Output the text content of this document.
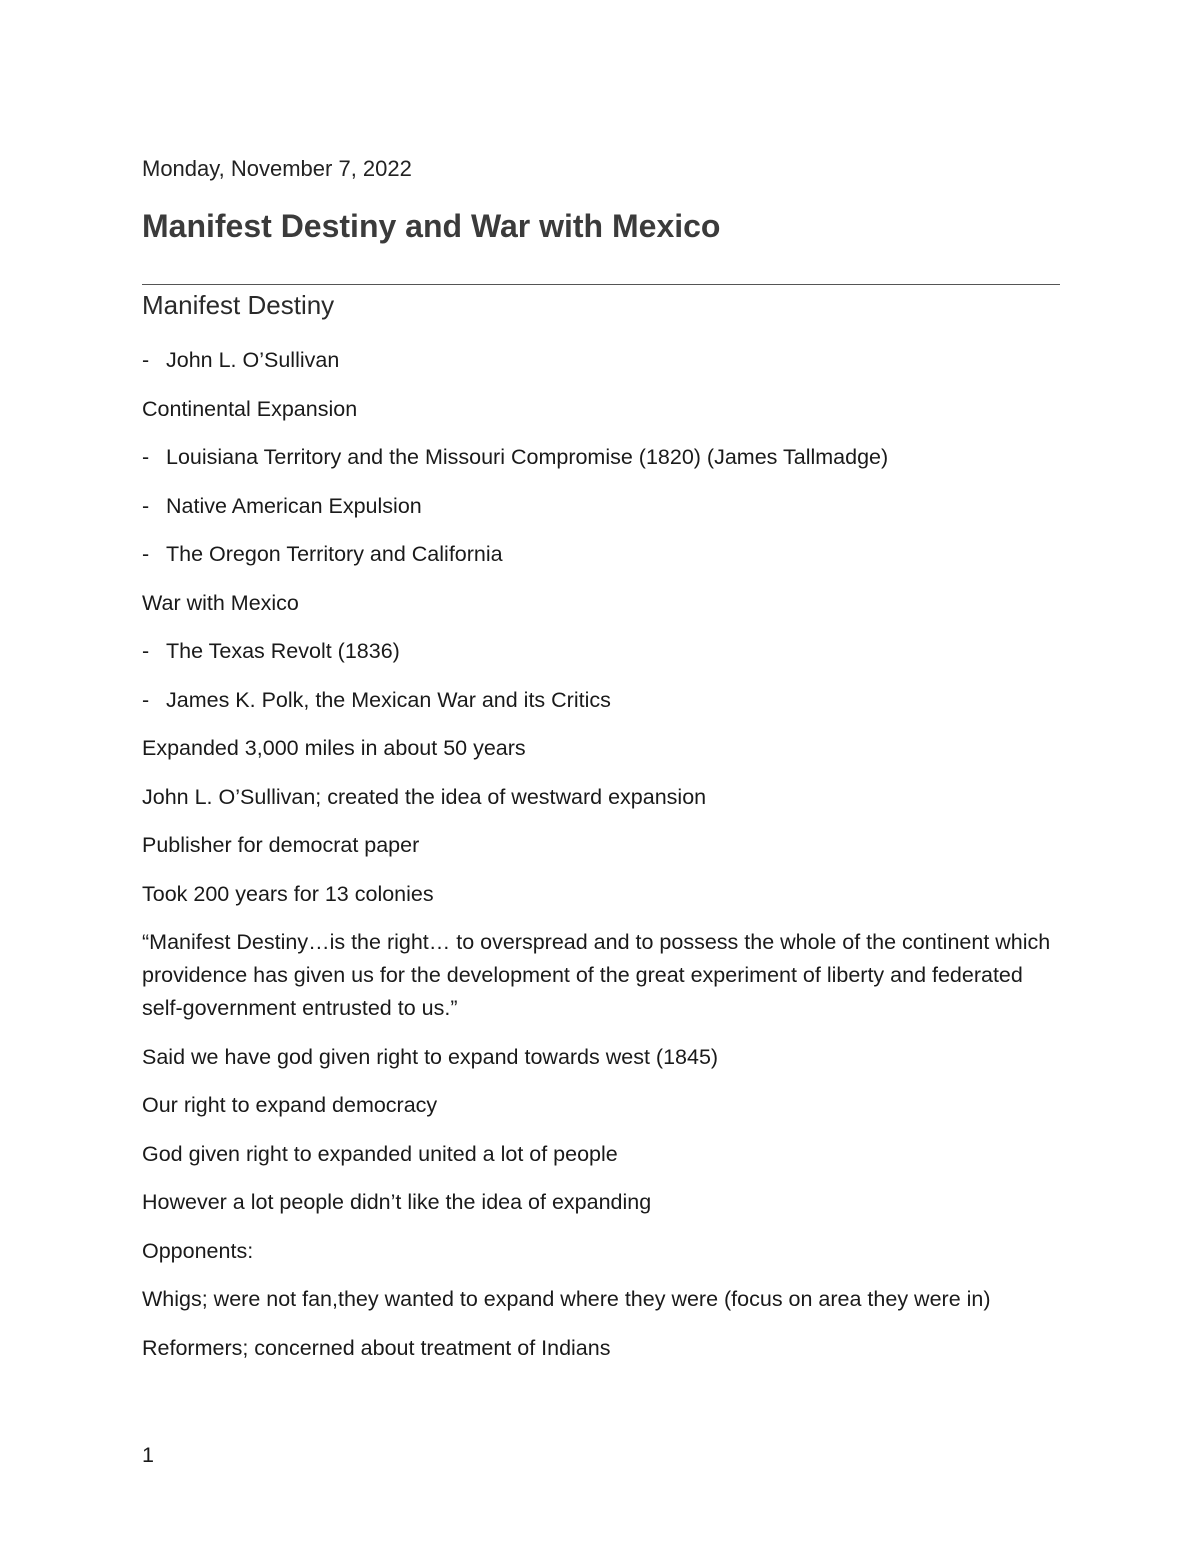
Monday, November 7, 2022
Manifest Destiny and War with Mexico
Manifest Destiny
- John L. O’Sullivan
Continental Expansion
- Louisiana Territory and the Missouri Compromise (1820) (James Tallmadge)
- Native American Expulsion
- The Oregon Territory and California
War with Mexico
- The Texas Revolt (1836)
- James K. Polk, the Mexican War and its Critics
Expanded 3,000 miles in about 50 years
John L. O’Sullivan; created the idea of westward expansion
Publisher for democrat paper
Took 200 years for 13 colonies
“Manifest Destiny…is the right… to overspread and to possess the whole of the continent which providence has given us for the development of the great experiment of liberty and federated self-government entrusted to us.”
Said we have god given right to expand towards west (1845)
Our right to expand democracy
God given right to expanded united a lot of people
However a lot people didn’t like the idea of expanding
Opponents:
Whigs; were not fan,they wanted to expand where they were (focus on area they were in)
Reformers; concerned about treatment of Indians
1
